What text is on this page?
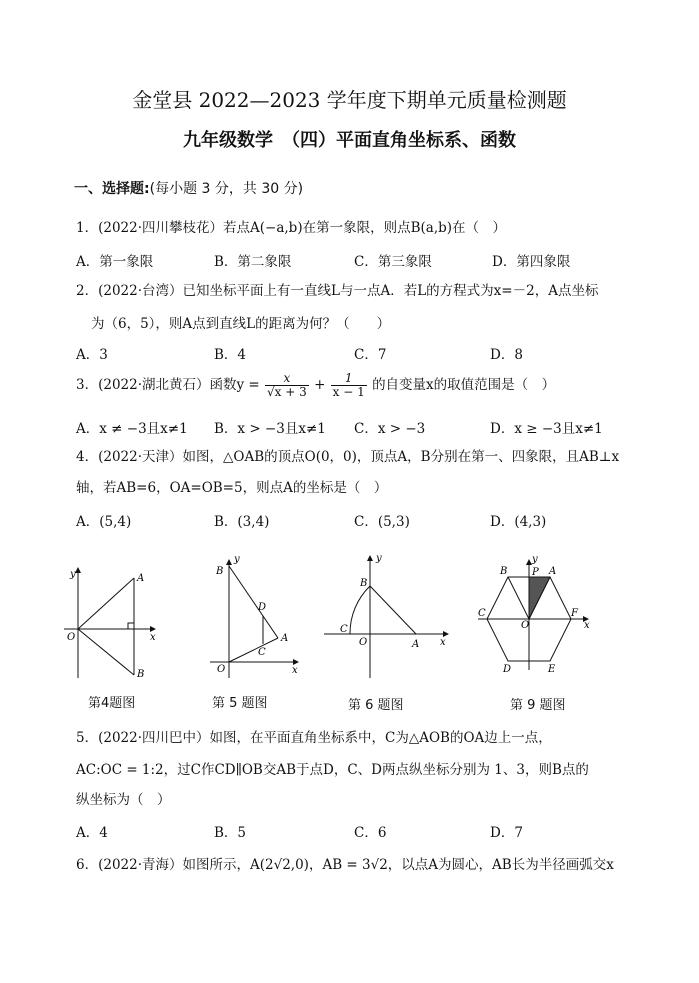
金堂县 2022—2023 学年度下期单元质量检测题
九年级数学　（四）平面直角坐标系、函数
一、选择题:(每小题 3 分，共 30 分)
1．(2022·四川攀枝花）若点A(−a,b)在第一象限，则点B(a,b)在（　）
A．第一象限	B．第二象限	C．第三象限	D．第四象限
2．(2022·台湾）已知坐标平面上有一直线L与一点A．若L的方程式为x=－2，A点坐标
为（6，5），则A点到直线L的距离为何？（　　）
A．3	B．4	C．7	D．8
3．(2022·湖北黄石）函数$y = \frac{x}{√x + 3} + \frac{1}{x - 1}$ 的自变量x的取值范围是（　）
A．x ≠ −3且x≠1 B．x > −3且x≠1 C．x > −3	D．x ≥ −3且x≠1
4．(2022·天津）如图，△OAB的顶点O(0，0)，顶点A，B分别在第一、四象限，且AB⊥x
轴，若AB=6，OA=OB=5，则点A的坐标是（　）
A．(5,4)	B．(3,4)	C．(5,3)	D．(4,3)
y
x
O
A
B
y
x
O
B
D
C
A
y
x
O
B
C
A
y
x
O
B P A
C	F
D	E
第4题图	第 5 题图	第 6 题图	第 9 题图
5．(2022·四川巴中）如图，在平面直角坐标系中，C为△AOB的OA边上一点，
AC:OC = 1:2，过C作CD∥OB交AB于点D，C、D两点纵坐标分别为 1、3，则B点的
纵坐标为（　）
A．4	B．5	C．6	D．7
6．(2022·青海）如图所示，A(2√2,0)，AB = 3√2，以点A为圆心，AB长为半径画弧交x
